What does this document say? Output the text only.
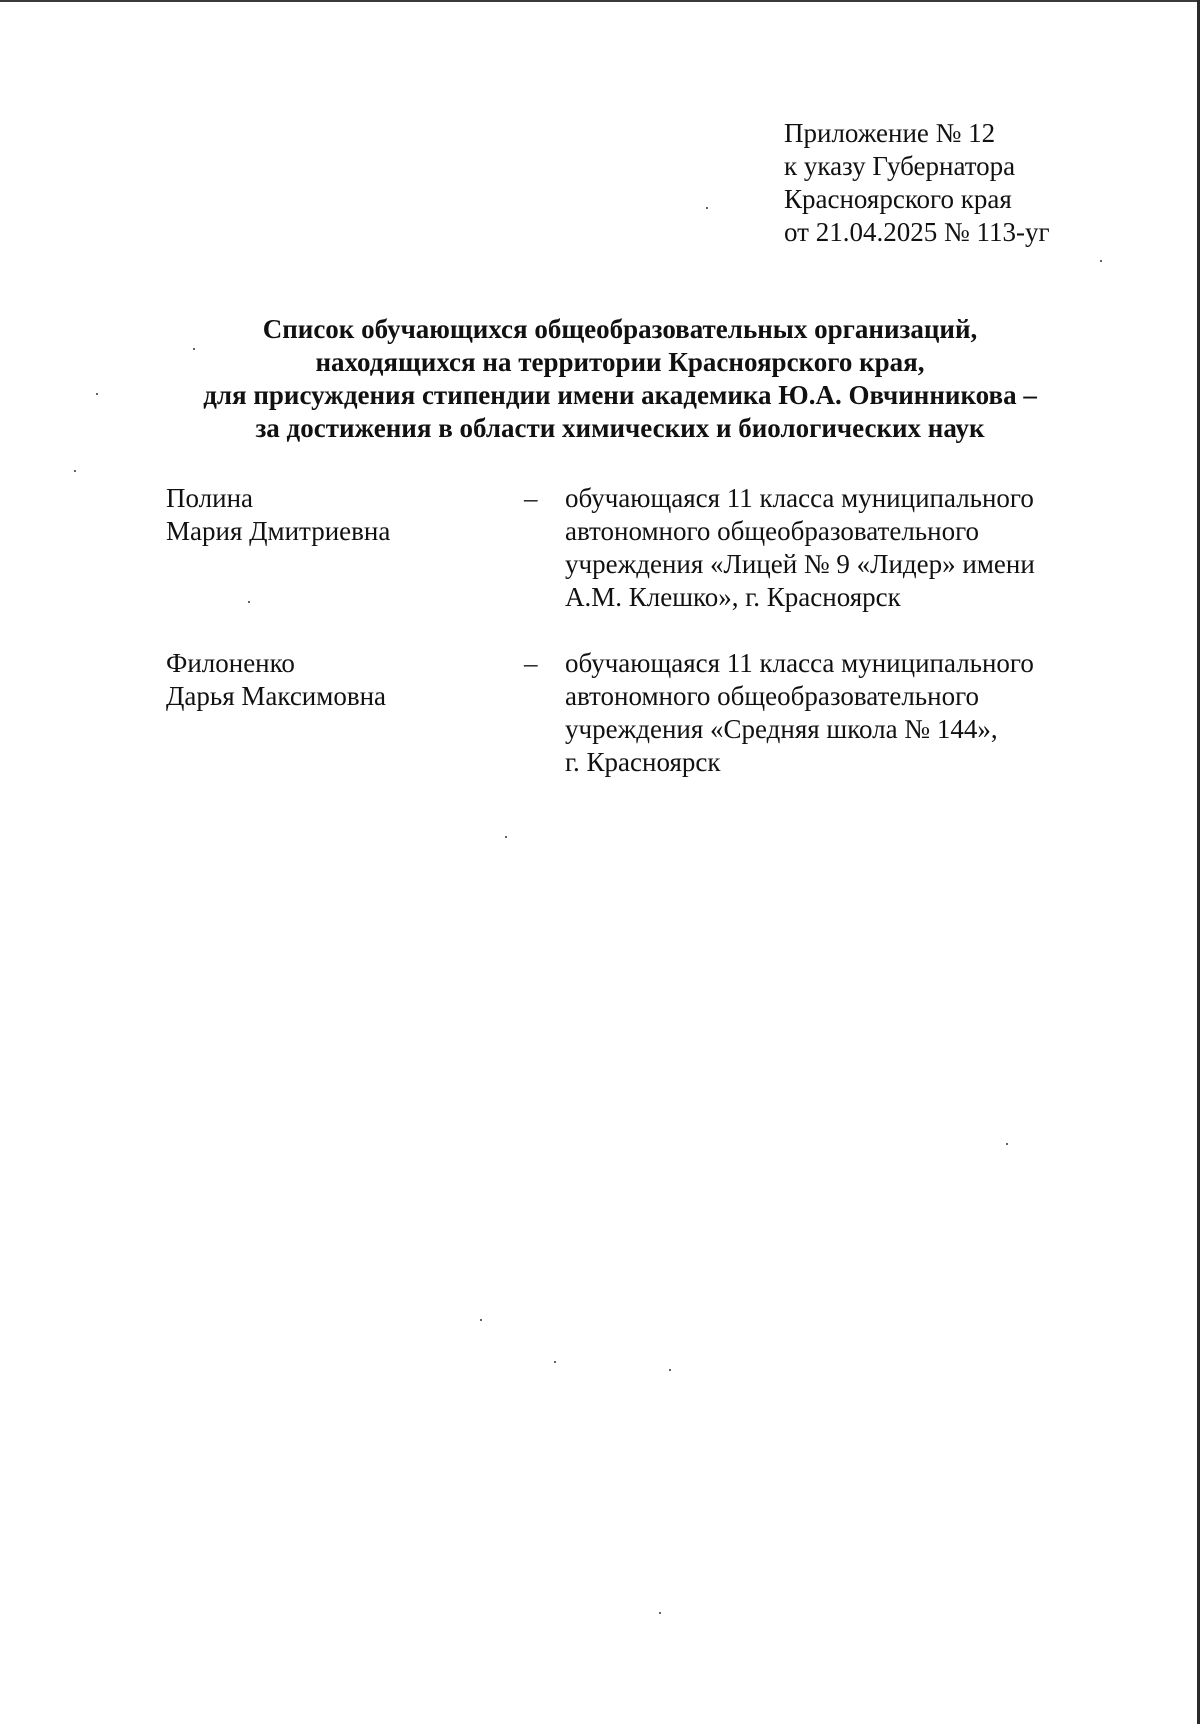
Приложение № 12
к указу Губернатора
Красноярского края
от 21.04.2025 № 113-уг
Список обучающихся общеобразовательных организаций,
находящихся на территории Красноярского края,
для присуждения стипендии имени академика Ю.А. Овчинникова –
за достижения в области химических и биологических наук
Полина
Мария Дмитриевна
– обучающаяся 11 класса муниципального
автономного общеобразовательного
учреждения «Лицей № 9 «Лидер» имени
А.М. Клешко», г. Красноярск
Филоненко
Дарья Максимовна
– обучающаяся 11 класса муниципального
автономного общеобразовательного
учреждения «Средняя школа № 144»,
г. Красноярск
